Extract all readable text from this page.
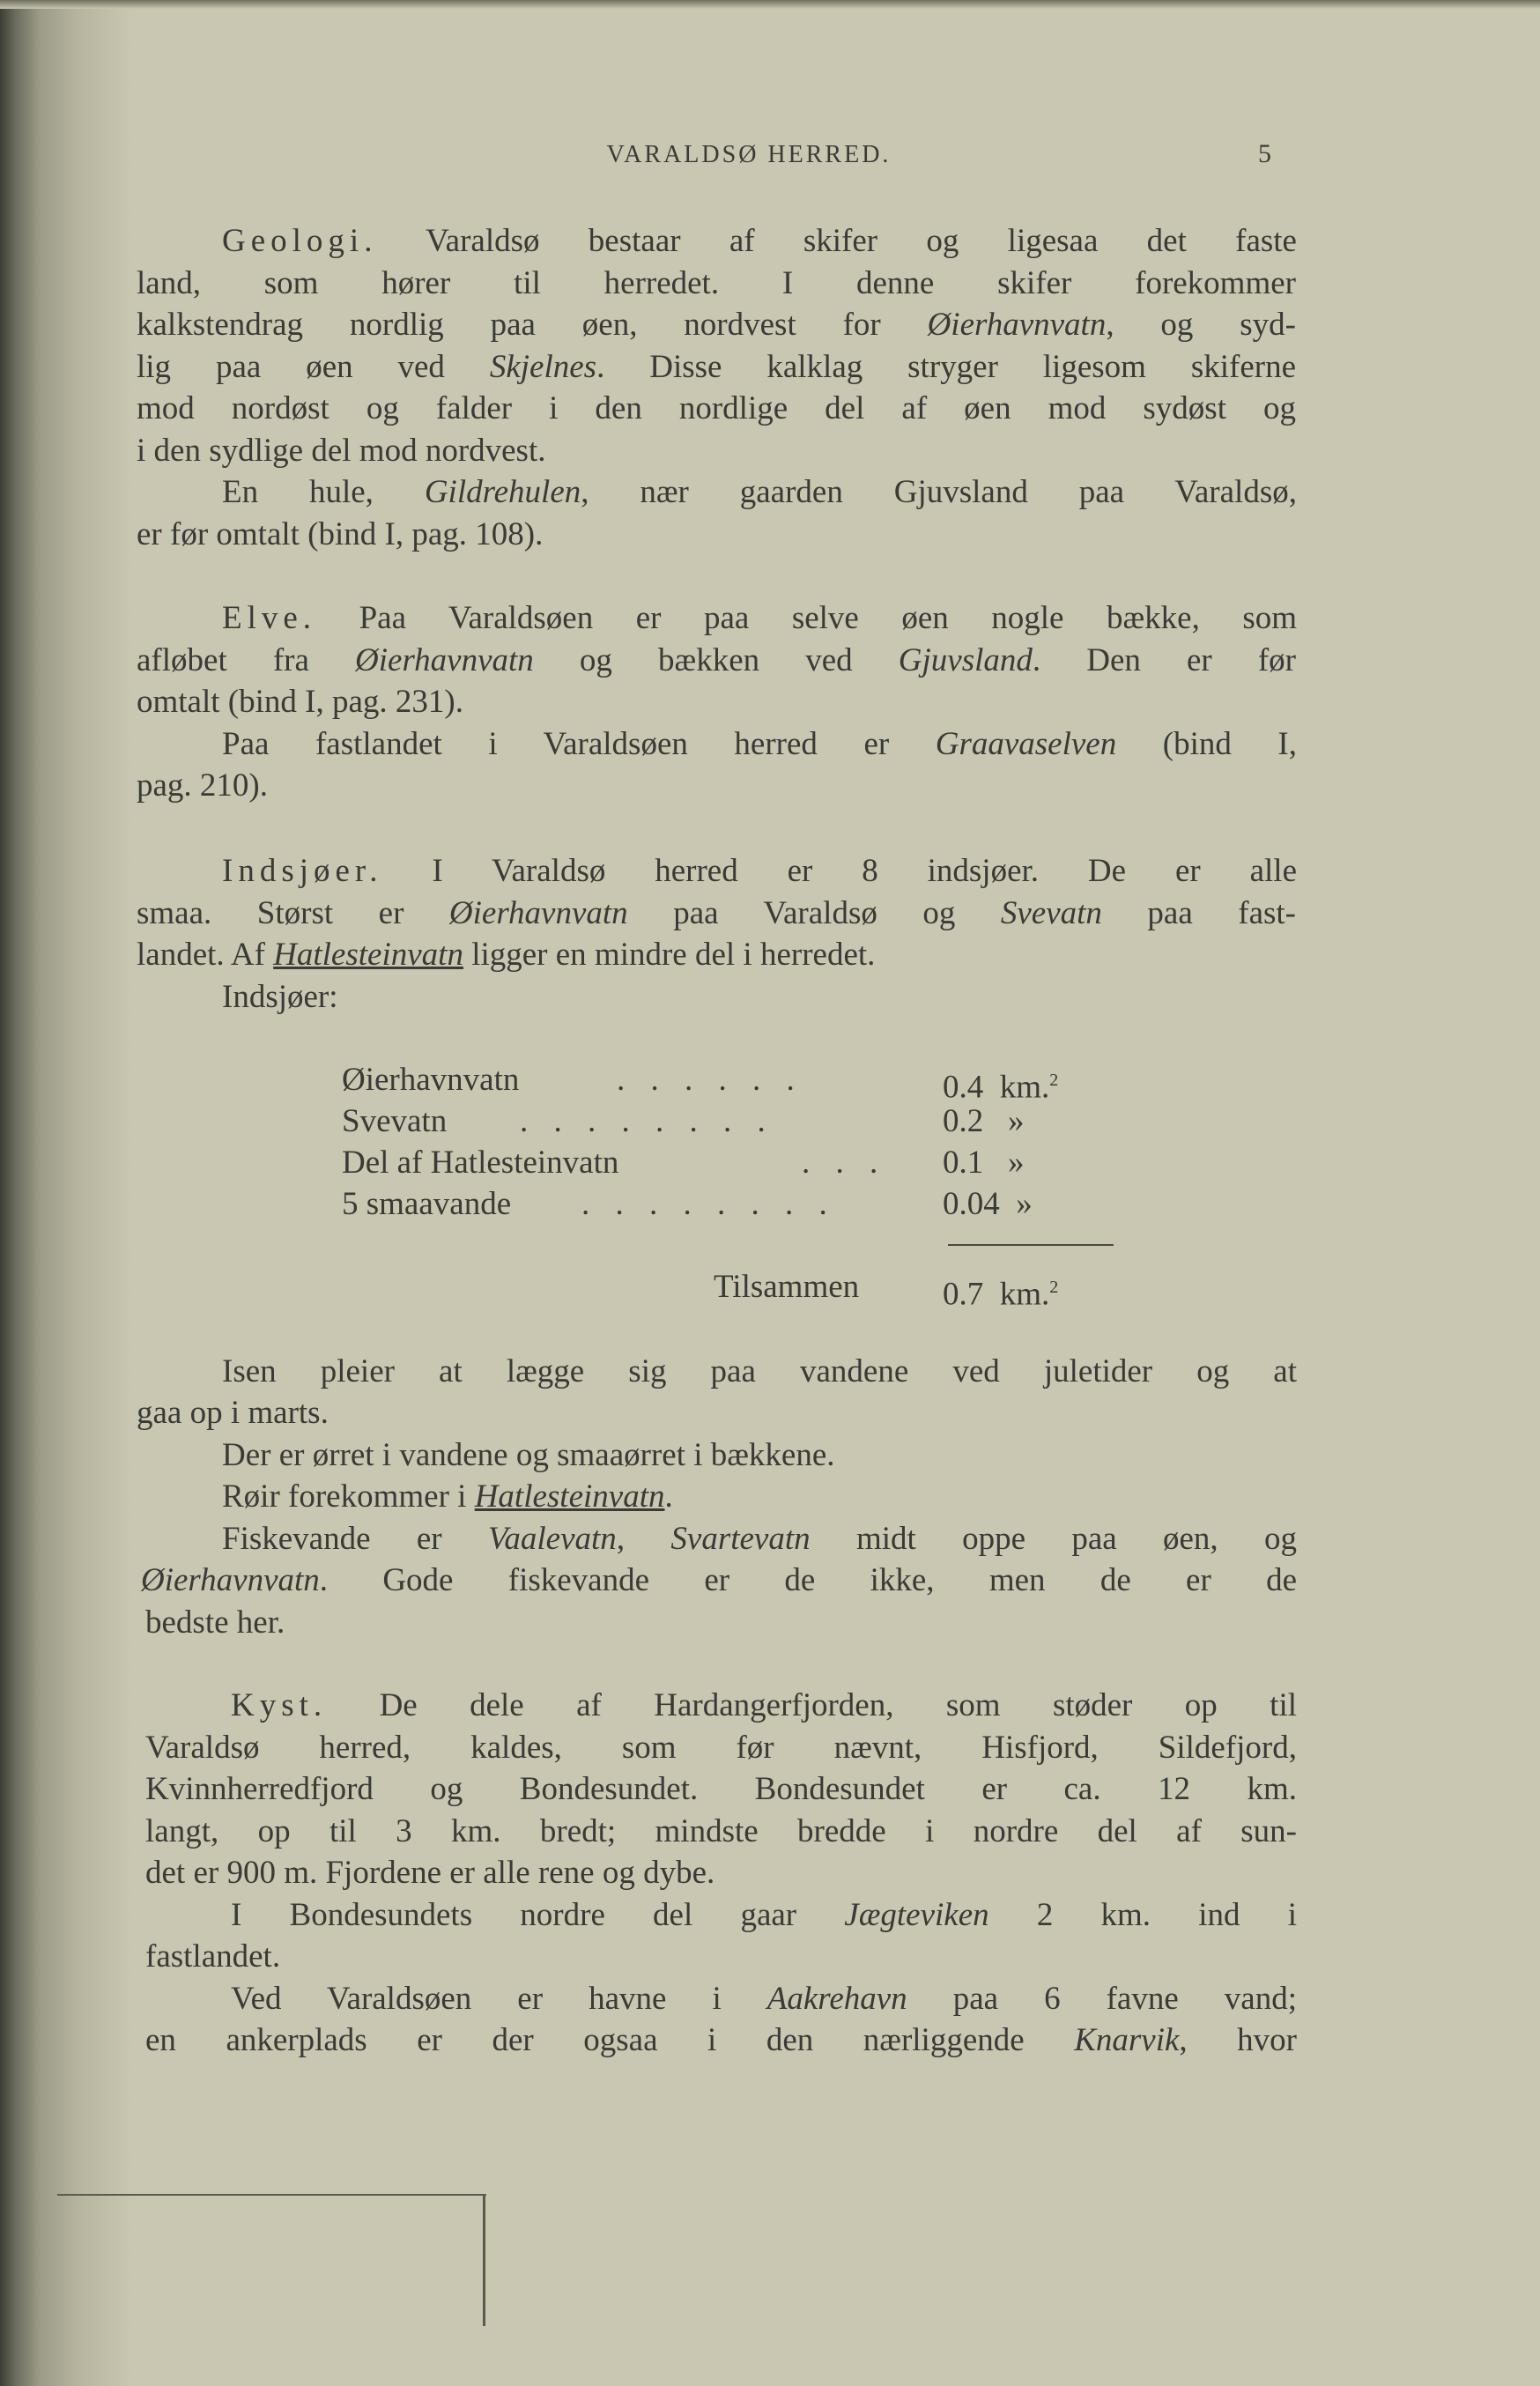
VARALDSØ HERRED.	5
Geologi. Varaldsø bestaar af skifer og ligesaa det faste
land, som hører til herredet. I denne skifer forekommer
kalkstendrag nordlig paa øen, nordvest for Øierhavnvatn, og syd-
lig paa øen ved Skjelnes. Disse kalklag stryger ligesom skiferne
mod nordøst og falder i den nordlige del af øen mod sydøst og
i den sydlige del mod nordvest.
En hule, Gildrehulen, nær gaarden Gjuvsland paa Varaldsø,
er før omtalt (bind I, pag. 108).
Elve. Paa Varaldsøen er paa selve øen nogle bække, som
afløbet fra Øierhavnvatn og bækken ved Gjuvsland. Den er før
omtalt (bind I, pag. 231).
Paa fastlandet i Varaldsøen herred er Graavaselven (bind I,
pag. 210).
Indsjøer. I Varaldsø herred er 8 indsjøer. De er alle
smaa. Størst er Øierhavnvatn paa Varaldsø og Svevatn paa fast-
landet. Af Hatlesteinvatn ligger en mindre del i herredet.
Indsjøer:
Øierhavnvatn	. . . . . .	0.4 km.$^2$
Svevatn . . . . . . . .	0.2 »
Del af Hatlesteinvatn	. . . 0.1 »
5 smaavande . . . . . . . .	0.04 »
Tilsammen	0.7 km.$^2$
Isen pleier at lægge sig paa vandene ved juletider og at
gaa op i marts.
Der er ørret i vandene og smaaørret i bækkene.
Røir forekommer i Hatlesteinvatn.
Fiskevande er Vaalevatn, Svartevatn midt oppe paa øen, og
Øierhavnvatn. Gode fiskevande er de ikke, men de er de
bedste her.
Kyst. De dele af Hardangerfjorden, som støder op til
Varaldsø herred, kaldes, som før nævnt, Hisfjord, Sildefjord,
Kvinnherredfjord og Bondesundet. Bondesundet er ca. 12 km.
langt, op til 3 km. bredt; mindste bredde i nordre del af sun-
det er 900 m. Fjordene er alle rene og dybe.
I Bondesundets nordre del gaar Jægteviken 2 km. ind i
fastlandet.
Ved Varaldsøen er havne i Aakrehavn paa 6 favne vand;
en ankerplads er der ogsaa i den nærliggende Knarvik, hvor
